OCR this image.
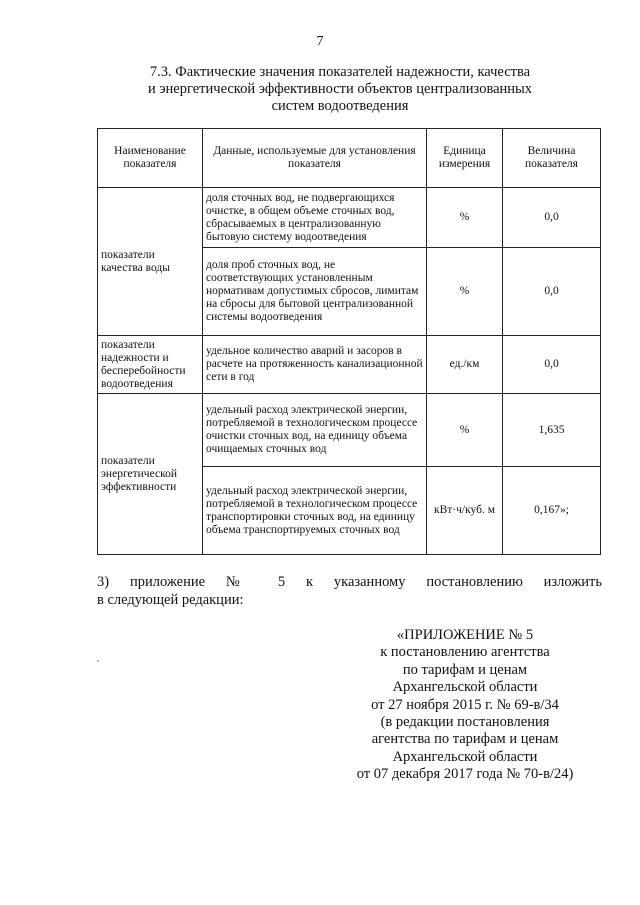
7
7.3. Фактические значения показателей надежности, качества
и энергетической эффективности объектов централизованных
систем водоотведения
Наименование показателя	Данные, используемые для установления показателя	Единица измерения	Величина показателя
показатели качества воды	доля сточных вод, не подвергающихся очистке, в общем объеме сточных вод, сбрасываемых в централизованную бытовую систему водоотведения	%	0,0
	доля проб сточных вод, не соответствующих установленным нормативам допустимых сбросов, лимитам на сбросы для бытовой централизованной системы водоотведения	%	0,0
показатели надежности и бесперебойности водоотведения	удельное количество аварий и засоров в расчете на протяженность канализационной сети в год	ед./км	0,0
показатели энергетической эффективности	удельный расход электрической энергии, потребляемой в технологическом процессе очистки сточных вод, на единицу объема очищаемых сточных вод	%	1,635
	удельный расход электрической энергии, потребляемой в технологическом процессе транспортировки сточных вод, на единицу объема транспортируемых сточных вод	кВт·ч/куб. м	0,167»;
3) приложение № 5 к указанному постановлению изложить
в следующей редакции:
«ПРИЛОЖЕНИЕ № 5
к постановлению агентства
по тарифам и ценам
Архангельской области
от 27 ноября 2015 г. № 69-в/34
(в редакции постановления
агентства по тарифам и ценам
Архангельской области
от 07 декабря 2017 года № 70-в/24)
